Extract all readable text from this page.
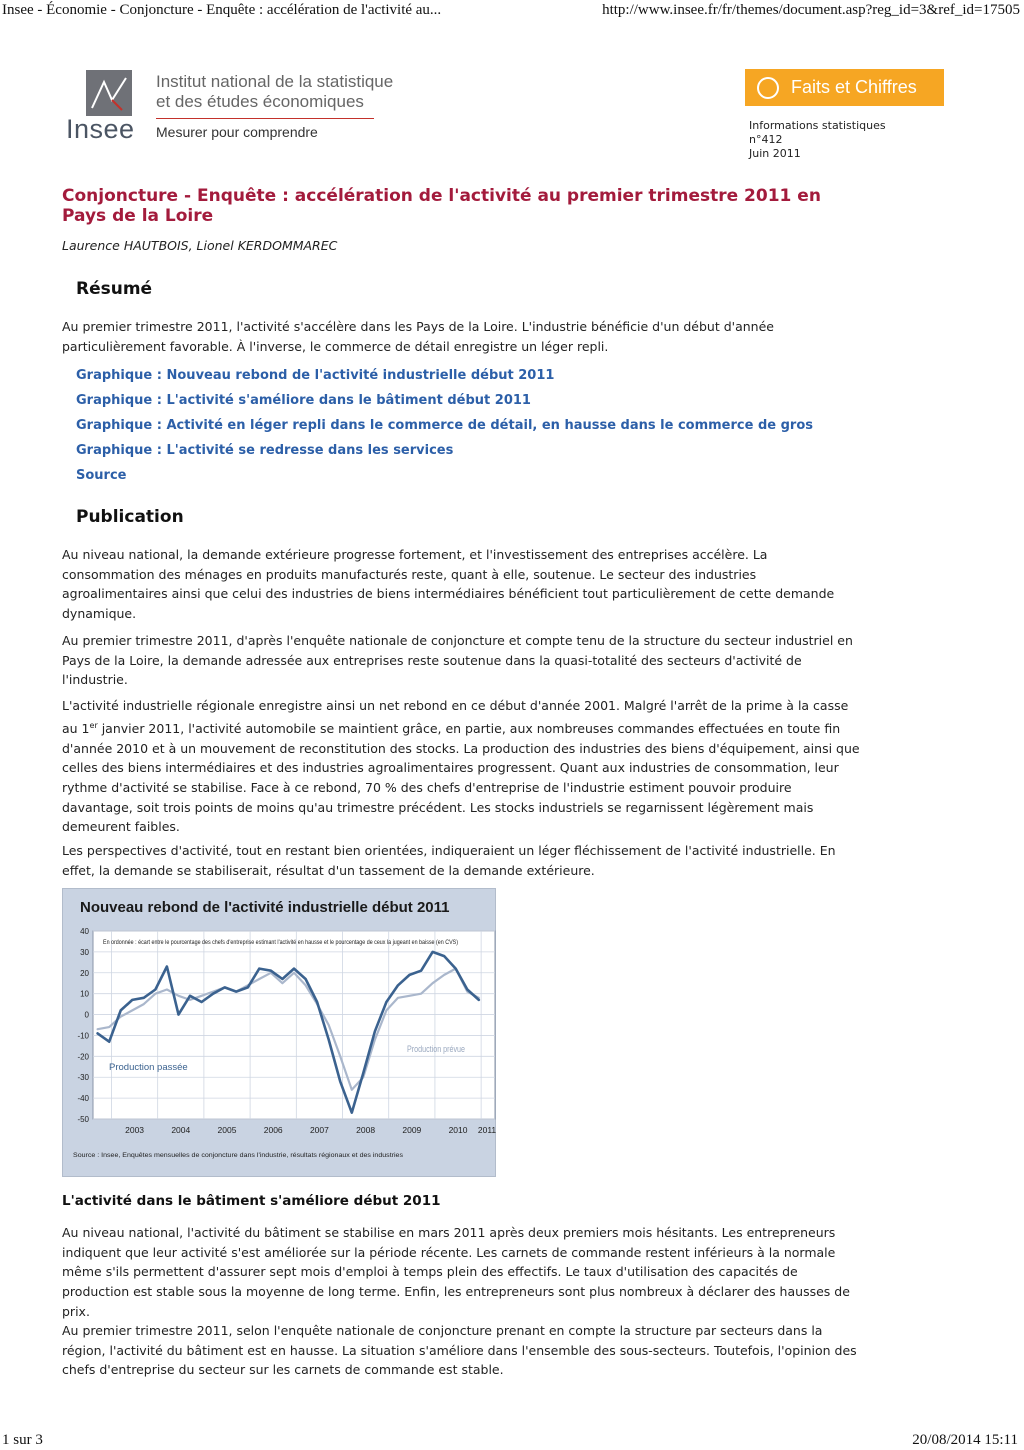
Insee - Économie - Conjoncture - Enquête : accélération de l'activité au...	http://www.insee.fr/fr/themes/document.asp?reg_id=3&ref_id=17505
Insee
Institut national de la statistique
et des études économiques
Mesurer pour comprendre
Faits et Chiffres
Informations statistiques
n°412
Juin 2011
Conjoncture - Enquête : accélération de l'activité au premier trimestre 2011 en Pays de la Loire
Laurence HAUTBOIS, Lionel KERDOMMAREC
Résumé

Au premier trimestre 2011, l'activité s'accélère dans les Pays de la Loire. L'industrie bénéficie d'un début d'année particulièrement favorable. À l'inverse, le commerce de détail enregistre un léger repli.

Graphique : Nouveau rebond de l'activité industrielle début 2011
Graphique : L'activité s'améliore dans le bâtiment début 2011
Graphique : Activité en léger repli dans le commerce de détail, en hausse dans le commerce de gros
Graphique : L'activité se redresse dans les services
Source
Publication

Au niveau national, la demande extérieure progresse fortement, et l'investissement des entreprises accélère. La consommation des ménages en produits manufacturés reste, quant à elle, soutenue. Le secteur des industries agroalimentaires ainsi que celui des industries de biens intermédiaires bénéficient tout particulièrement de cette demande dynamique.

Au premier trimestre 2011, d'après l'enquête nationale de conjoncture et compte tenu de la structure du secteur industriel en Pays de la Loire, la demande adressée aux entreprises reste soutenue dans la quasi-totalité des secteurs d'activité de l'industrie.

L'activité industrielle régionale enregistre ainsi un net rebond en ce début d'année 2001. Malgré l'arrêt de la prime à la casse au 1er janvier 2011, l'activité automobile se maintient grâce, en partie, aux nombreuses commandes effectuées en toute fin d'année 2010 et à un mouvement de reconstitution des stocks. La production des industries des biens d'équipement, ainsi que celles des biens intermédiaires et des industries agroalimentaires progressent. Quant aux industries de consommation, leur rythme d'activité se stabilise. Face à ce rebond, 70 % des chefs d'entreprise de l'industrie estiment pouvoir produire davantage, soit trois points de moins qu'au trimestre précédent. Les stocks industriels se regarnissent légèrement mais demeurent faibles.

Les perspectives d'activité, tout en restant bien orientées, indiqueraient un léger fléchissement de l'activité industrielle. En effet, la demande se stabiliserait, résultat d'un tassement de la demande extérieure.

Nouveau rebond de l'activité industrielle début 2011
40
30
20
10
0
-10
-20
-30
-40
-50
2003	2004	2005	2006	2007	2008	2009	2010 2011
En ordonnée : écart entre le pourcentage des chefs d'entreprise estimant l'activité en hausse et le pourcentage de ceux la jugeant en baisse (en CVS)
Production passée
Production prévue
Source : Insee, Enquêtes mensuelles de conjoncture dans l'industrie, résultats régionaux et des industries
L'activité dans le bâtiment s'améliore début 2011

Au niveau national, l'activité du bâtiment se stabilise en mars 2011 après deux premiers mois hésitants. Les entrepreneurs indiquent que leur activité s'est améliorée sur la période récente. Les carnets de commande restent inférieurs à la normale même s'ils permettent d'assurer sept mois d'emploi à temps plein des effectifs. Le taux d'utilisation des capacités de production est stable sous la moyenne de long terme. Enfin, les entrepreneurs sont plus nombreux à déclarer des hausses de prix.

Au premier trimestre 2011, selon l'enquête nationale de conjoncture prenant en compte la structure par secteurs dans la région, l'activité du bâtiment est en hausse. La situation s'améliore dans l'ensemble des sous-secteurs. Toutefois, l'opinion des chefs d'entreprise du secteur sur les carnets de commande est stable.

1 sur 3	20/08/2014 15:11
